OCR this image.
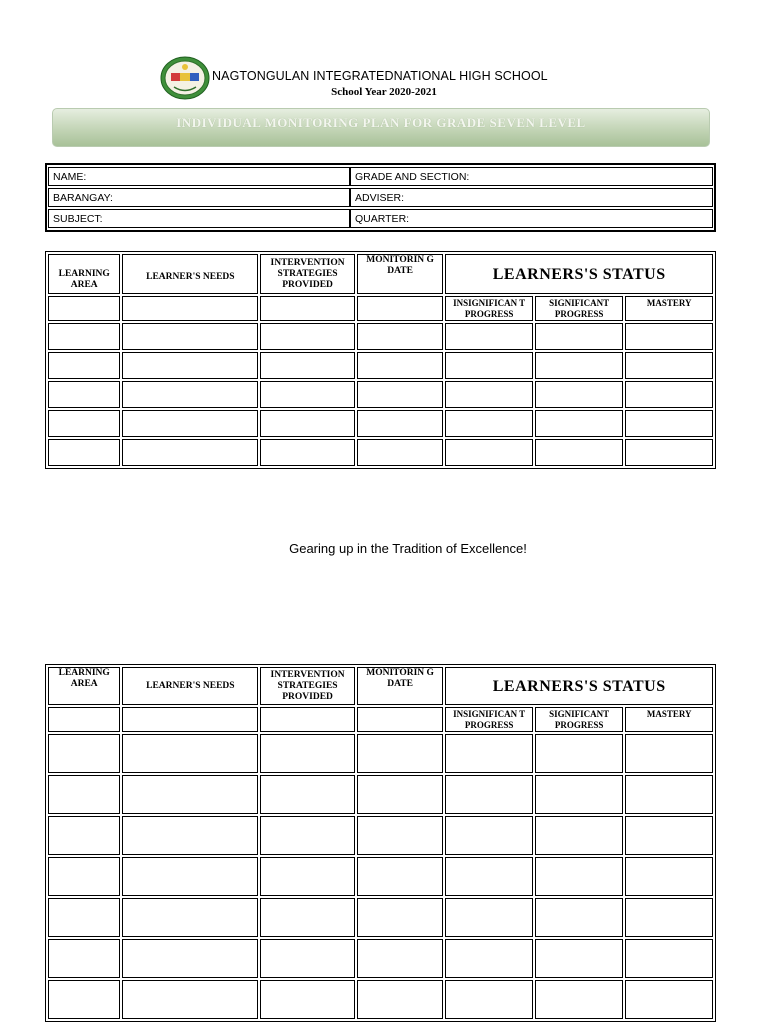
NAGTONGULAN INTEGRATEDNATIONAL HIGH SCHOOL
School Year 2020-2021
INDIVIDUAL MONITORING PLAN FOR GRADE SEVEN LEVEL
NAME:	GRADE AND SECTION:
BARANGAY:	ADVISER:
SUBJECT:	QUARTER:
LEARNING AREA	LEARNER'S NEEDS	INTERVENTION STRATEGIES PROVIDED	MONITORIN G DATE	LEARNERS'S STATUS		
				INSIGNIFICAN T PROGRESS	SIGNIFICANT PROGRESS	MASTERY

Gearing up in the Tradition of Excellence!
LEARNING AREA	LEARNER'S NEEDS	INTERVENTION STRATEGIES PROVIDED	MONITORIN G DATE	LEARNERS'S STATUS		
				INSIGNIFICAN T PROGRESS	SIGNIFICANT PROGRESS	MASTERY
